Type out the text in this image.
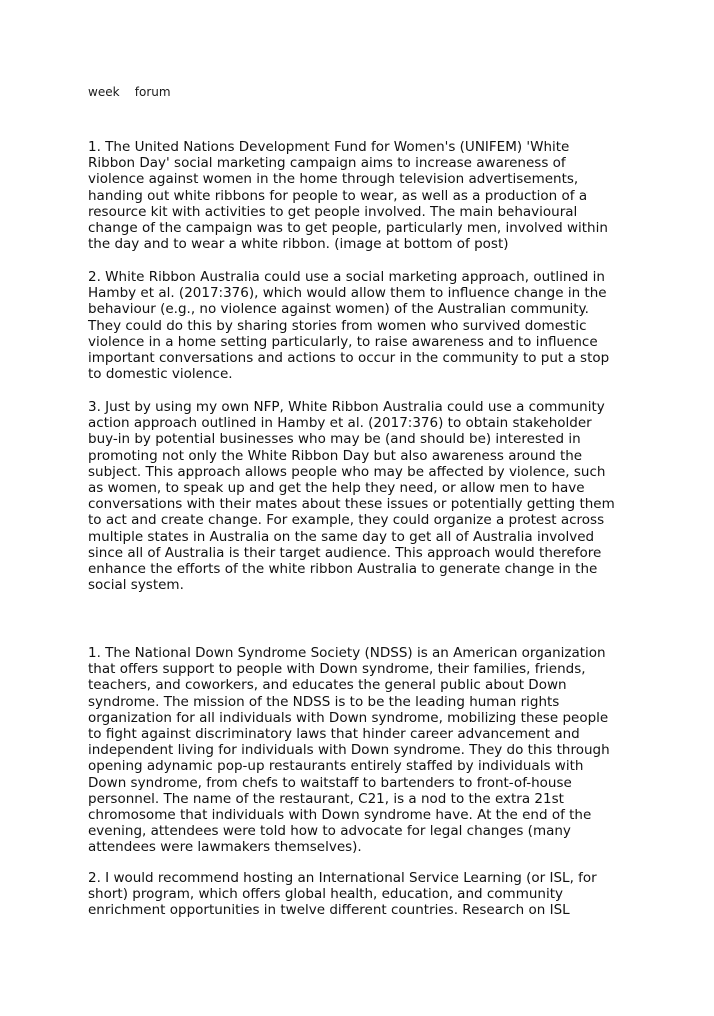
week    forum

1. The United Nations Development Fund for Women's (UNIFEM) 'White
Ribbon Day' social marketing campaign aims to increase awareness of
violence against women in the home through television advertisements,
handing out white ribbons for people to wear, as well as a production of a
resource kit with activities to get people involved. The main behavioural
change of the campaign was to get people, particularly men, involved within
the day and to wear a white ribbon. (image at bottom of post)

2. White Ribbon Australia could use a social marketing approach, outlined in
Hamby et al. (2017:376), which would allow them to influence change in the
behaviour (e.g., no violence against women) of the Australian community.
They could do this by sharing stories from women who survived domestic
violence in a home setting particularly, to raise awareness and to influence
important conversations and actions to occur in the community to put a stop
to domestic violence.

3. Just by using my own NFP, White Ribbon Australia could use a community
action approach outlined in Hamby et al. (2017:376) to obtain stakeholder
buy-in by potential businesses who may be (and should be) interested in
promoting not only the White Ribbon Day but also awareness around the
subject. This approach allows people who may be affected by violence, such
as women, to speak up and get the help they need, or allow men to have
conversations with their mates about these issues or potentially getting them
to act and create change. For example, they could organize a protest across
multiple states in Australia on the same day to get all of Australia involved
since all of Australia is their target audience. This approach would therefore
enhance the efforts of the white ribbon Australia to generate change in the
social system.

1. The National Down Syndrome Society (NDSS) is an American organization
that offers support to people with Down syndrome, their families, friends,
teachers, and coworkers, and educates the general public about Down
syndrome. The mission of the NDSS is to be the leading human rights
organization for all individuals with Down syndrome, mobilizing these people
to fight against discriminatory laws that hinder career advancement and
independent living for individuals with Down syndrome. They do this through
opening adynamic pop-up restaurants entirely staffed by individuals with
Down syndrome, from chefs to waitstaff to bartenders to front-of-house
personnel. The name of the restaurant, C21, is a nod to the extra 21st
chromosome that individuals with Down syndrome have. At the end of the
evening, attendees were told how to advocate for legal changes (many
attendees were lawmakers themselves).

2. I would recommend hosting an International Service Learning (or ISL, for
short) program, which offers global health, education, and community
enrichment opportunities in twelve different countries. Research on ISL
